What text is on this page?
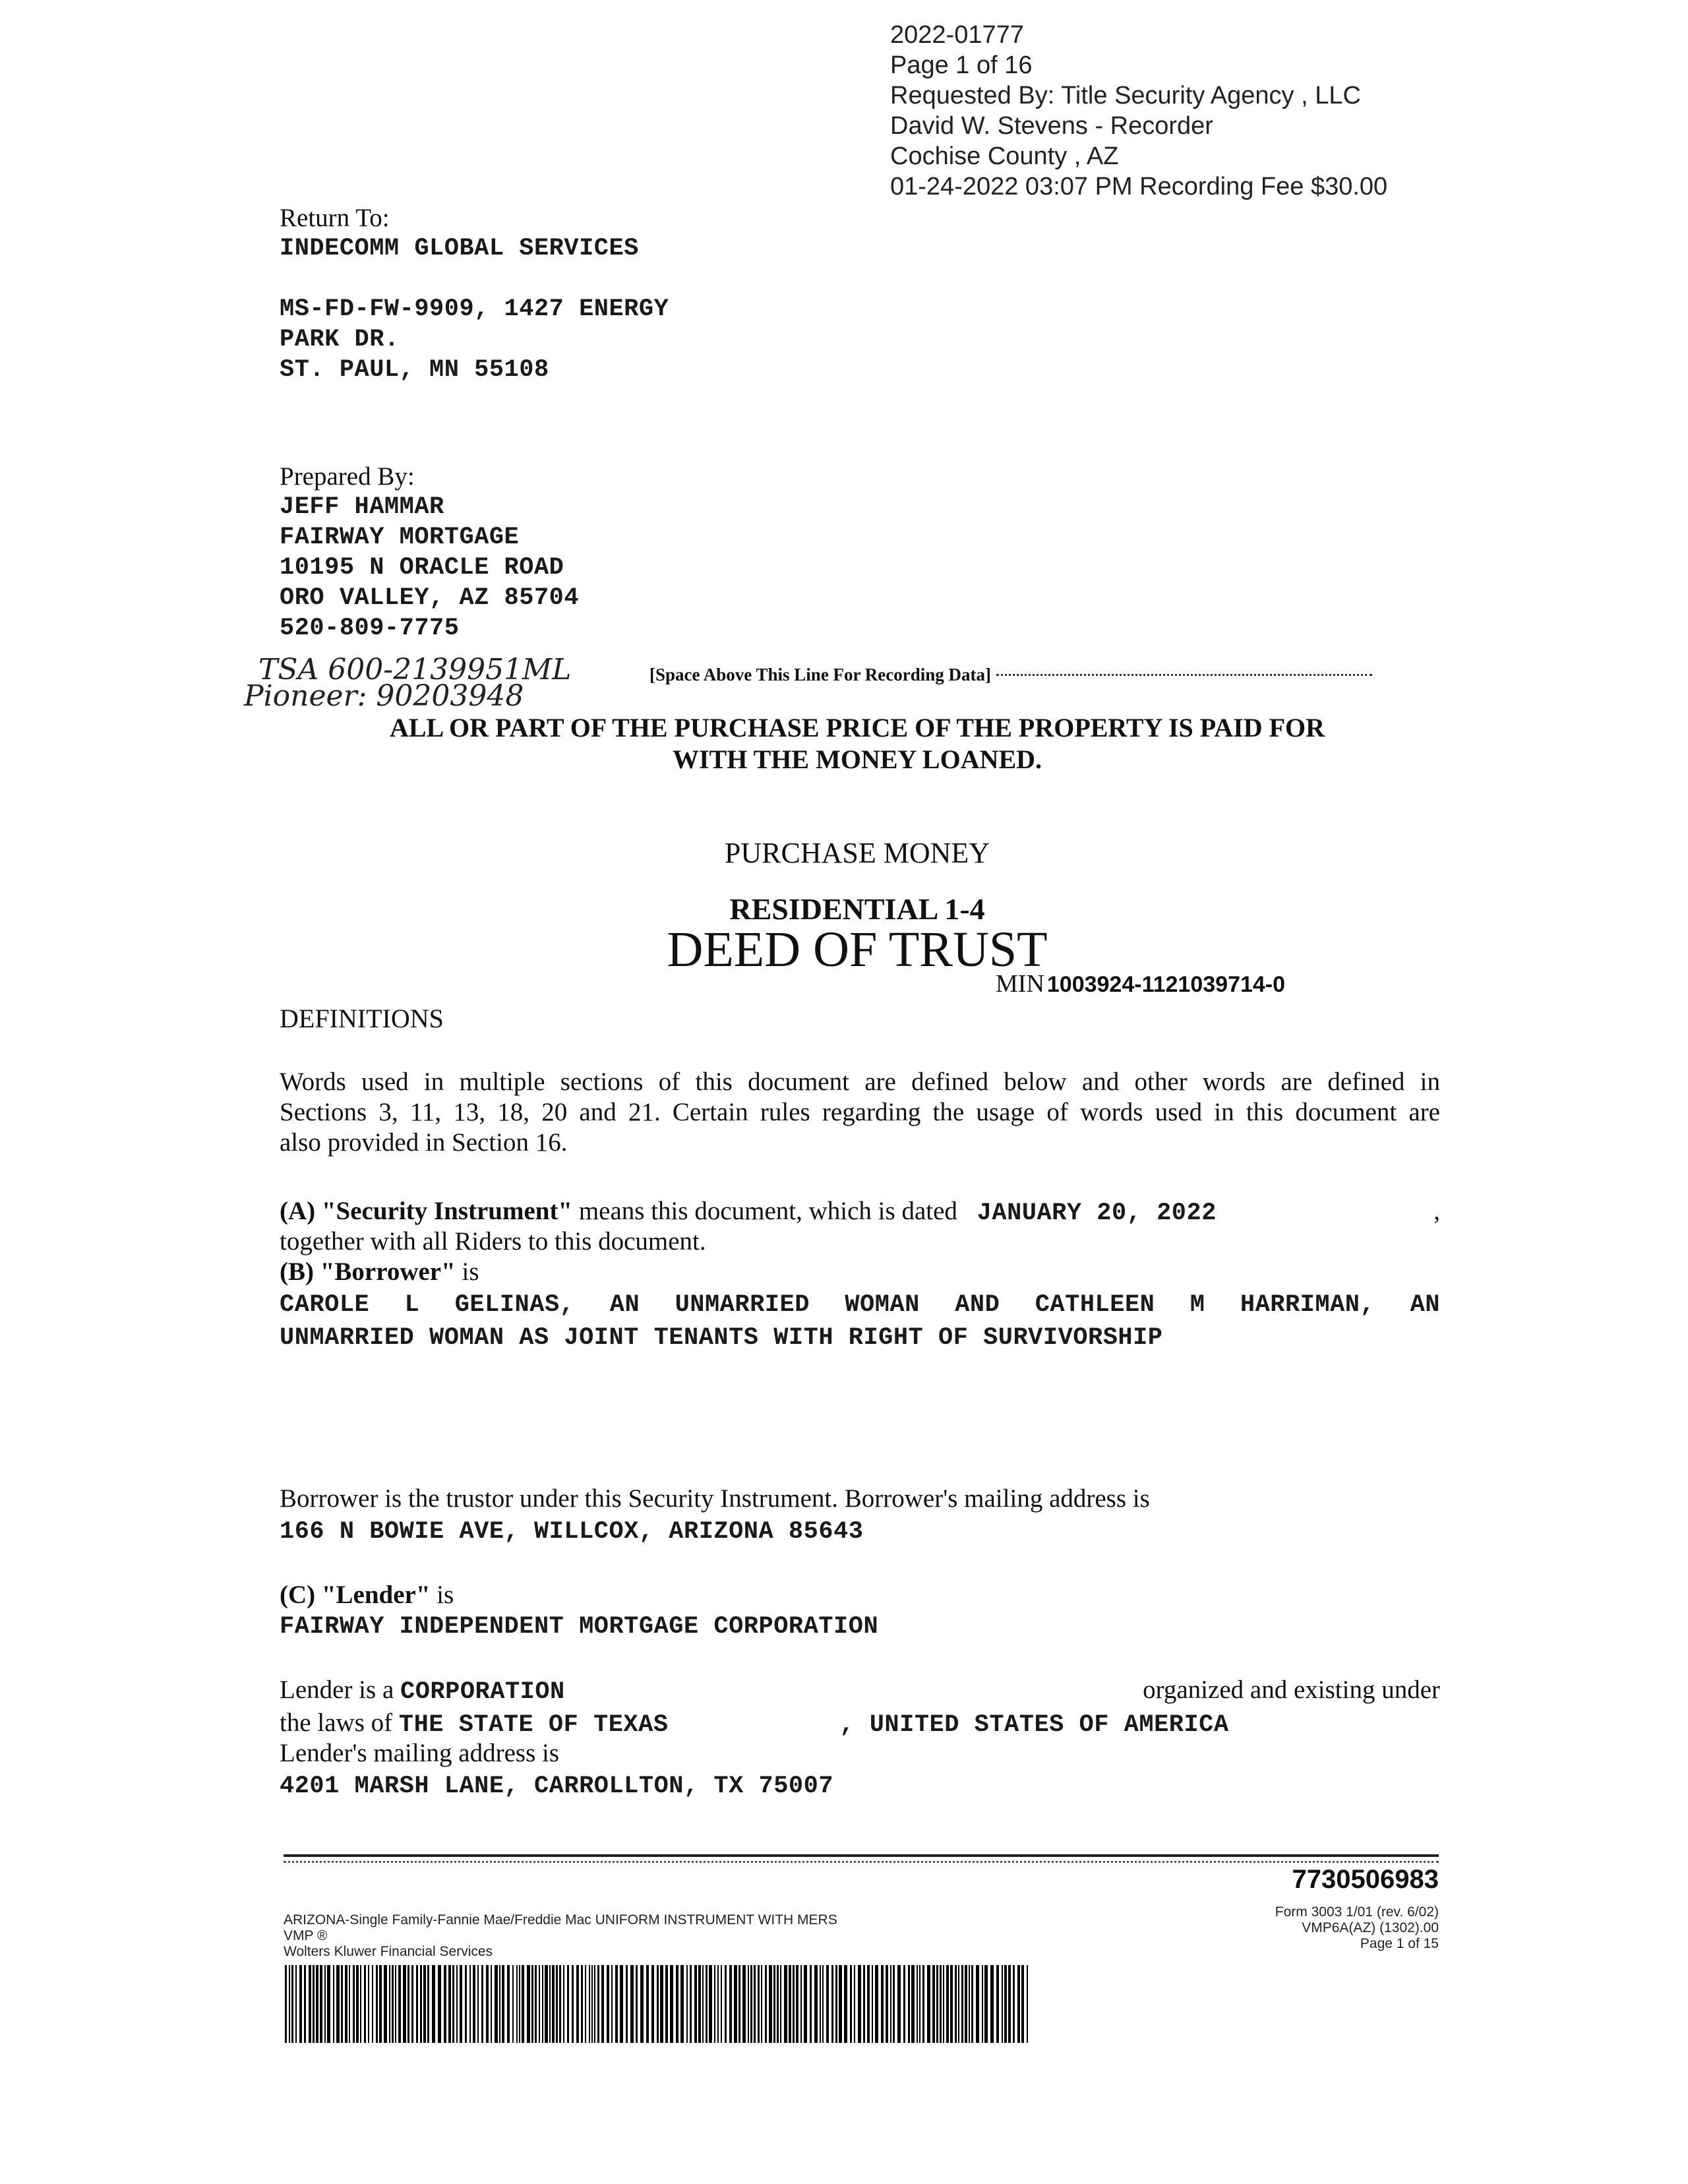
2022-01777
Page 1 of 16
Requested By: Title Security Agency , LLC
David W. Stevens - Recorder
Cochise County , AZ
01-24-2022 03:07 PM Recording Fee $30.00
Return To:
INDECOMM GLOBAL SERVICES
MS-FD-FW-9909, 1427 ENERGY
PARK DR.
ST. PAUL, MN 55108
Prepared By:
JEFF HAMMAR
FAIRWAY MORTGAGE
10195 N ORACLE ROAD
ORO VALLEY, AZ 85704
520-809-7775
TSA 600-2139951ML
Pioneer: 90203948
[Space Above This Line For Recording Data]
ALL OR PART OF THE PURCHASE PRICE OF THE PROPERTY IS PAID FOR
WITH THE MONEY LOANED.
PURCHASE MONEY
RESIDENTIAL 1-4
DEED OF TRUST
MIN 1003924-1121039714-0
DEFINITIONS
Words used in multiple sections of this document are defined below and other words are defined in
Sections 3, 11, 13, 18, 20 and 21. Certain rules regarding the usage of words used in this document are
also provided in Section 16.
(A) "Security Instrument" means this document, which is dated JANUARY 20, 2022	,
together with all Riders to this document.
(B) "Borrower" is
CAROLE L GELINAS, AN UNMARRIED WOMAN AND CATHLEEN M HARRIMAN, AN
UNMARRIED WOMAN AS JOINT TENANTS WITH RIGHT OF SURVIVORSHIP
Borrower is the trustor under this Security Instrument. Borrower's mailing address is
166 N BOWIE AVE, WILLCOX, ARIZONA 85643
(C) "Lender" is
FAIRWAY INDEPENDENT MORTGAGE CORPORATION
Lender is a CORPORATION	organized and existing under
the laws of THE STATE OF TEXAS	, UNITED STATES OF AMERICA
Lender's mailing address is
4201 MARSH LANE, CARROLLTON, TX 75007
7730506983
ARIZONA-Single Family-Fannie Mae/Freddie Mac UNIFORM INSTRUMENT WITH MERS
VMP ®
Wolters Kluwer Financial Services
Form 3003 1/01 (rev. 6/02)
VMP6A(AZ) (1302).00
Page 1 of 15
